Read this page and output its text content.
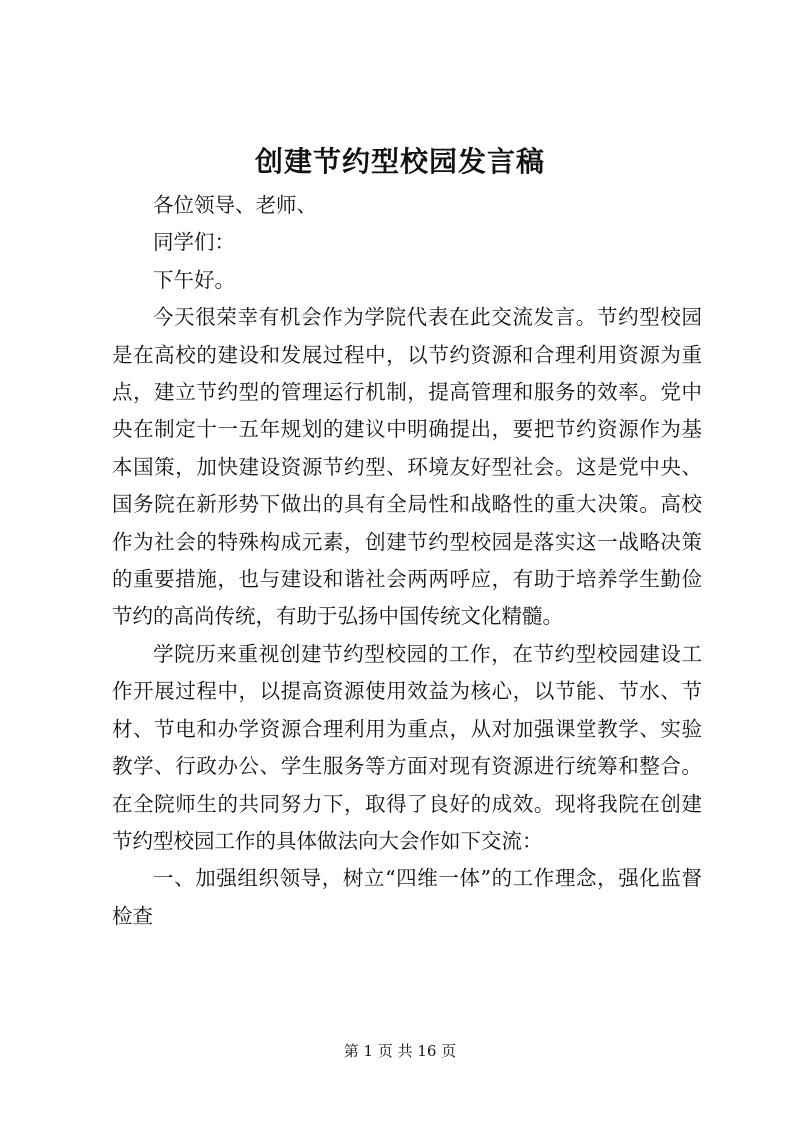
创建节约型校园发言稿

各位领导、老师、

同学们：

下午好。

今天很荣幸有机会作为学院代表在此交流发言。节约型校园是在高校的建设和发展过程中，以节约资源和合理利用资源为重点，建立节约型的管理运行机制，提高管理和服务的效率。党中央在制定十一五年规划的建议中明确提出，要把节约资源作为基本国策，加快建设资源节约型、环境友好型社会。这是党中央、国务院在新形势下做出的具有全局性和战略性的重大决策。高校作为社会的特殊构成元素，创建节约型校园是落实这一战略决策的重要措施，也与建设和谐社会两两呼应，有助于培养学生勤俭节约的高尚传统，有助于弘扬中国传统文化精髓。

学院历来重视创建节约型校园的工作，在节约型校园建设工作开展过程中，以提高资源使用效益为核心，以节能、节水、节材、节电和办学资源合理利用为重点，从对加强课堂教学、实验教学、行政办公、学生服务等方面对现有资源进行统筹和整合。在全院师生的共同努力下，取得了良好的成效。现将我院在创建节约型校园工作的具体做法向大会作如下交流：

一、加强组织领导，树立“四维一体”的工作理念，强化监督检查

第 1 页 共 16 页
